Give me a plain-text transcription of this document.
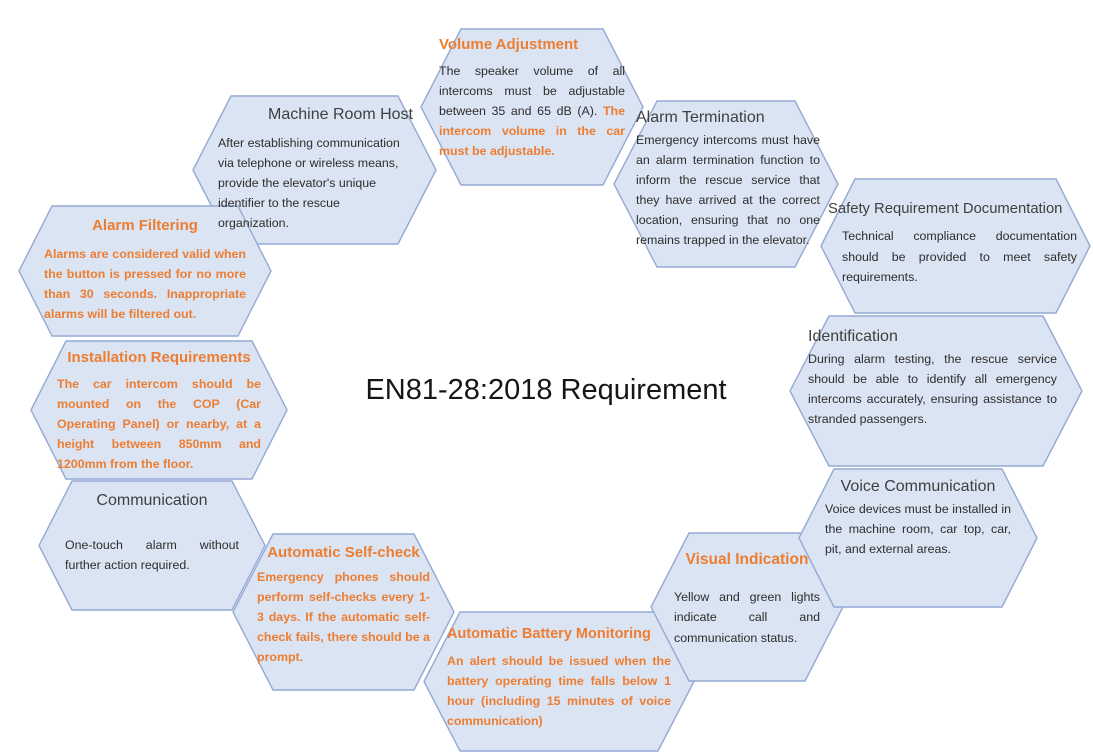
EN81-28:2018 Requirement
Volume Adjustment

The speaker volume of all intercoms must be adjustable between 35 and 65 dB (A). The intercom volume in the car must be adjustable.

Machine Room Host

After establishing communication via telephone or wireless means, provide the elevator's unique identifier to the rescue organization.

Alarm Termination

Emergency intercoms must have an alarm termination function to inform the rescue service that they have arrived at the correct location, ensuring that no one remains trapped in the elevator.

Safety Requirement Documentation

Technical compliance documentation should be provided to meet safety requirements.

Alarm Filtering

Alarms are considered valid when the button is pressed for no more than 30 seconds. Inappropriate alarms will be filtered out.

Installation Requirements

The car intercom should be mounted on the COP (Car Operating Panel) or nearby, at a height between 850mm and 1200mm from the floor.

Identification

During alarm testing, the rescue service should be able to identify all emergency intercoms accurately, ensuring assistance to stranded passengers.

Communication

One-touch alarm without further action required.

Automatic Self-check

Emergency phones should perform self-checks every 1-3 days. If the automatic self-check fails, there should be a prompt.

Automatic Battery Monitoring

An alert should be issued when the battery operating time falls below 1 hour (including 15 minutes of voice communication)

Visual Indication

Yellow and green lights indicate call and communication status.

Voice Communication

Voice devices must be installed in the machine room, car top, car, pit, and external areas.
